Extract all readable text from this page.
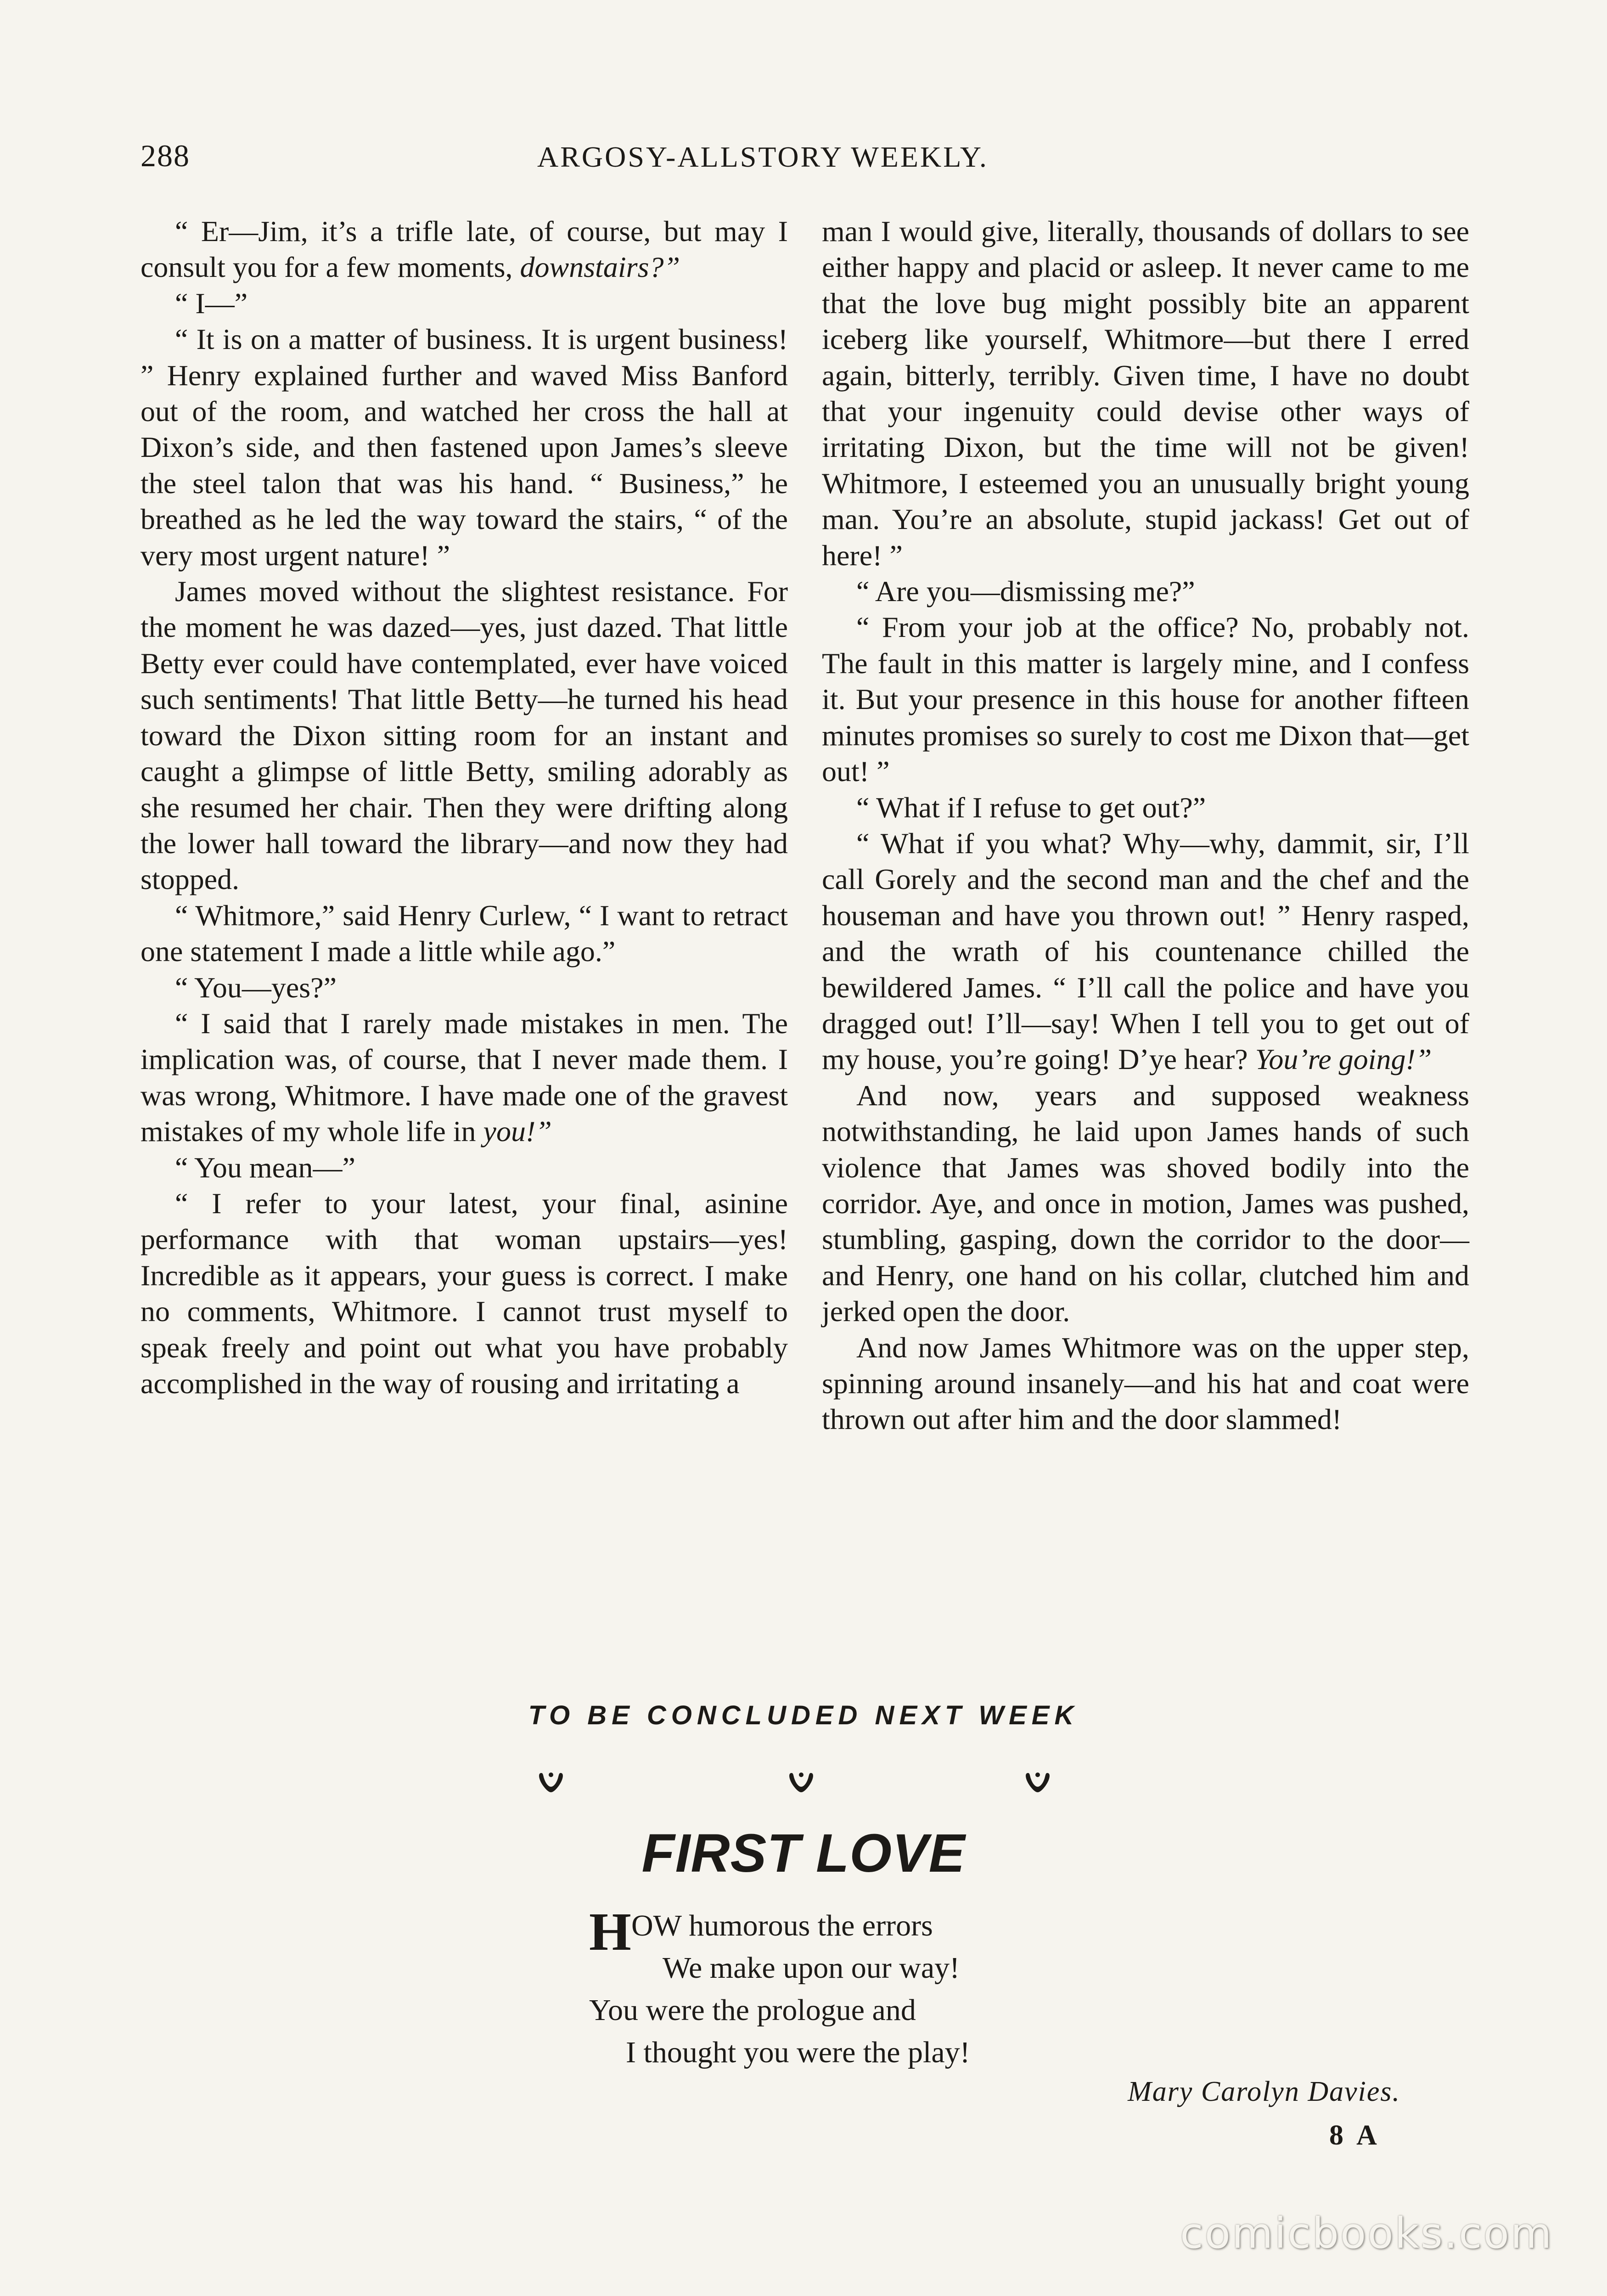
288	ARGOSY-ALLSTORY WEEKLY.

“ Er—Jim, it’s a trifle late, of course, but may I consult you for a few moments, downstairs?”

“ I—”

“ It is on a matter of business. It is urgent business! ” Henry explained further and waved Miss Banford out of the room, and watched her cross the hall at Dixon’s side, and then fastened upon James’s sleeve the steel talon that was his hand. “ Business,” he breathed as he led the way toward the stairs, “ of the very most urgent nature! ”

James moved without the slightest resistance. For the moment he was dazed—yes, just dazed. That little Betty ever could have contemplated, ever have voiced such sentiments! That little Betty—he turned his head toward the Dixon sitting room for an instant and caught a glimpse of little Betty, smiling adorably as she resumed her chair. Then they were drifting along the lower hall toward the library—and now they had stopped.

“ Whitmore,” said Henry Curlew, “ I want to retract one statement I made a little while ago.”

“ You—yes?”

“ I said that I rarely made mistakes in men. The implication was, of course, that I never made them. I was wrong, Whitmore. I have made one of the gravest mistakes of my whole life in you!”

“ You mean—”

“ I refer to your latest, your final, asinine performance with that woman upstairs—yes! Incredible as it appears, your guess is correct. I make no comments, Whitmore. I cannot trust myself to speak freely and point out what you have probably accomplished in the way of rousing and irritating a

man I would give, literally, thousands of dollars to see either happy and placid or asleep. It never came to me that the love bug might possibly bite an apparent iceberg like yourself, Whitmore—but there I erred again, bitterly, terribly. Given time, I have no doubt that your ingenuity could devise other ways of irritating Dixon, but the time will not be given! Whitmore, I esteemed you an unusually bright young man. You’re an absolute, stupid jackass! Get out of here! ”

“ Are you—dismissing me?”

“ From your job at the office? No, probably not. The fault in this matter is largely mine, and I confess it. But your presence in this house for another fifteen minutes promises so surely to cost me Dixon that—get out! ”

“ What if I refuse to get out?”

“ What if you what? Why—why, dammit, sir, I’ll call Gorely and the second man and the chef and the houseman and have you thrown out! ” Henry rasped, and the wrath of his countenance chilled the bewildered James. “ I’ll call the police and have you dragged out! I’ll—say! When I tell you to get out of my house, you’re going! D’ye hear? You’re going!”

And now, years and supposed weakness notwithstanding, he laid upon James hands of such violence that James was shoved bodily into the corridor. Aye, and once in motion, James was pushed, stumbling, gasping, down the corridor to the door—and Henry, one hand on his collar, clutched him and jerked open the door.

And now James Whitmore was on the upper step, spinning around insanely—and his hat and coat were thrown out after him and the door slammed!

TO BE CONCLUDED NEXT WEEK
FIRST LOVE
H OW humorous the errors
We make upon our way!
You were the prologue and
I thought you were the play!
Mary Carolyn Davies.
8 A
comicbooks.com
